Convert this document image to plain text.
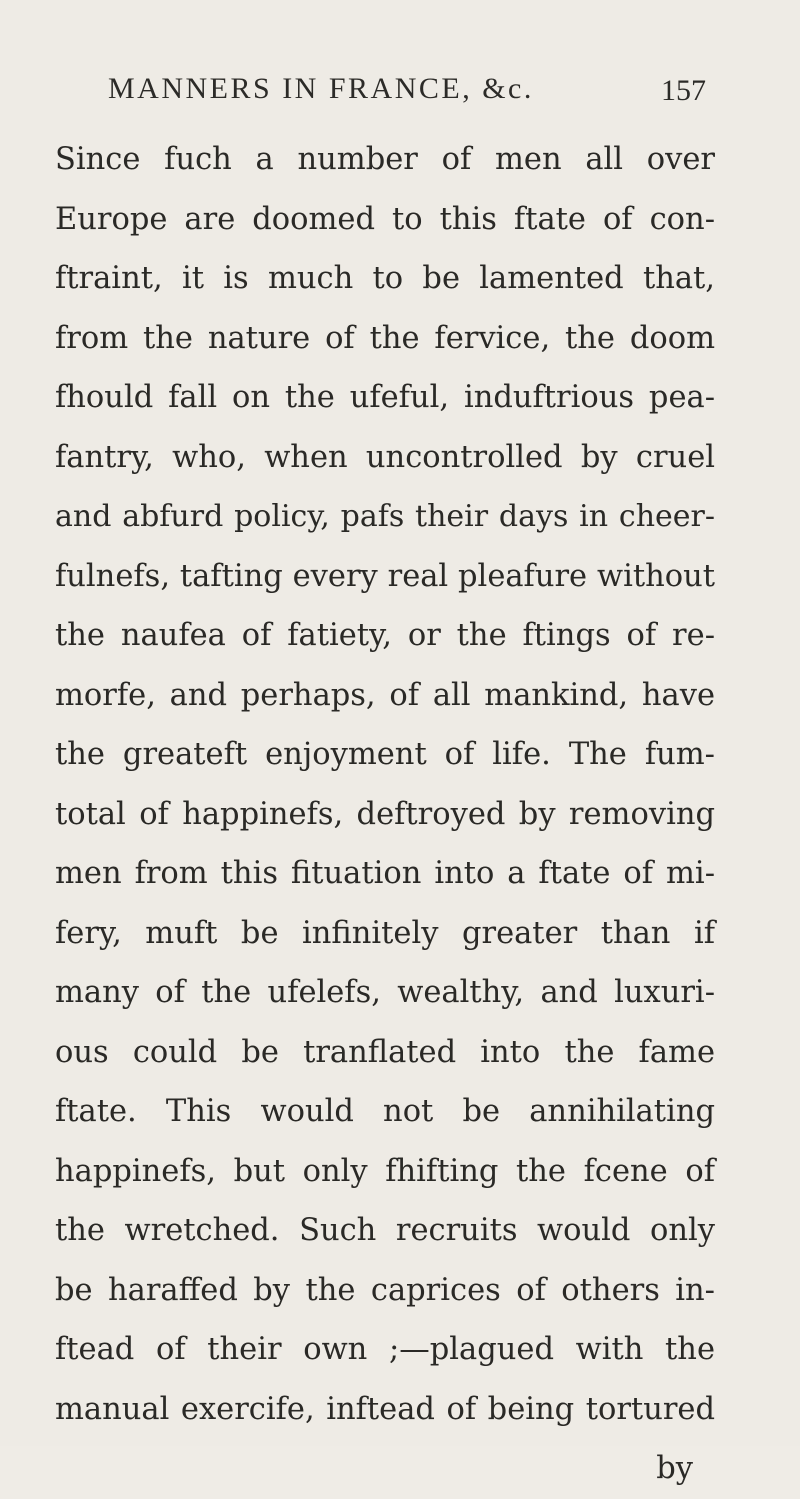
MANNERS IN FRANCE, &c.	157
Since fuch a number of men all over
Europe are doomed to this ftate of con-
ftraint, it is much to be lamented that,
from the nature of the fervice, the doom
fhould fall on the ufeful, induftrious pea-
fantry, who, when uncontrolled by cruel
and abfurd policy, pafs their days in cheer-
fulnefs, tafting every real pleafure without
the naufea of fatiety, or the ftings of re-
morfe, and perhaps, of all mankind, have
the greateft enjoyment of life. The fum-
total of happinefs, deftroyed by removing
men from this fituation into a ftate of mi-
fery, muft be infinitely greater than if
many of the ufelefs, wealthy, and luxuri-
ous could be tranflated into the fame
ftate. This would not be annihilating
happinefs, but only fhifting the fcene of
the wretched. Such recruits would only
be haraffed by the caprices of others in-
ftead of their own ;—plagued with the
manual exercife, inftead of being tortured
by
